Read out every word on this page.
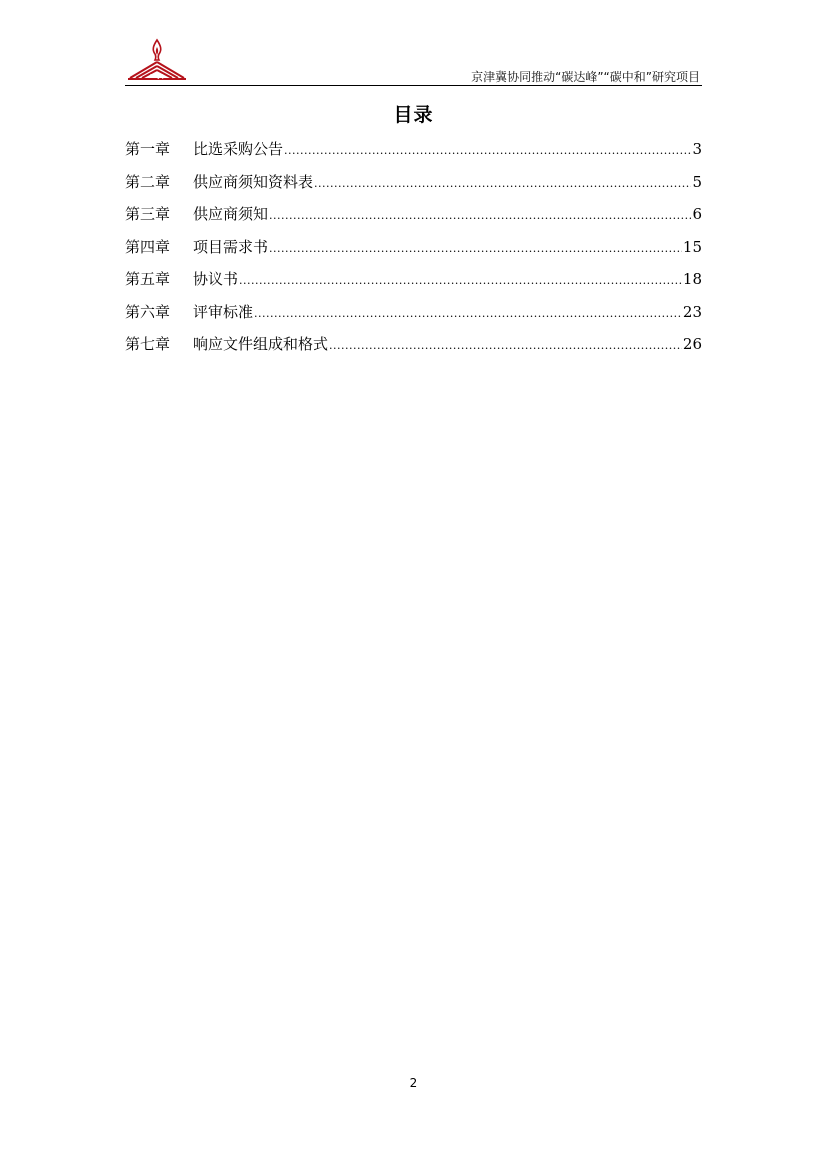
HCJQ	京津冀协同推动“碳达峰”“碳中和”研究项目
目录
第一章	比选采购公告 .....	3
第二章	供应商须知资料表 .....	5
第三章	供应商须知 .....	6
第四章	项目需求书 .....	15
第五章	协议书 .....	18
第六章	评审标准 .....	23
第七章	响应文件组成和格式 .....	26
2
